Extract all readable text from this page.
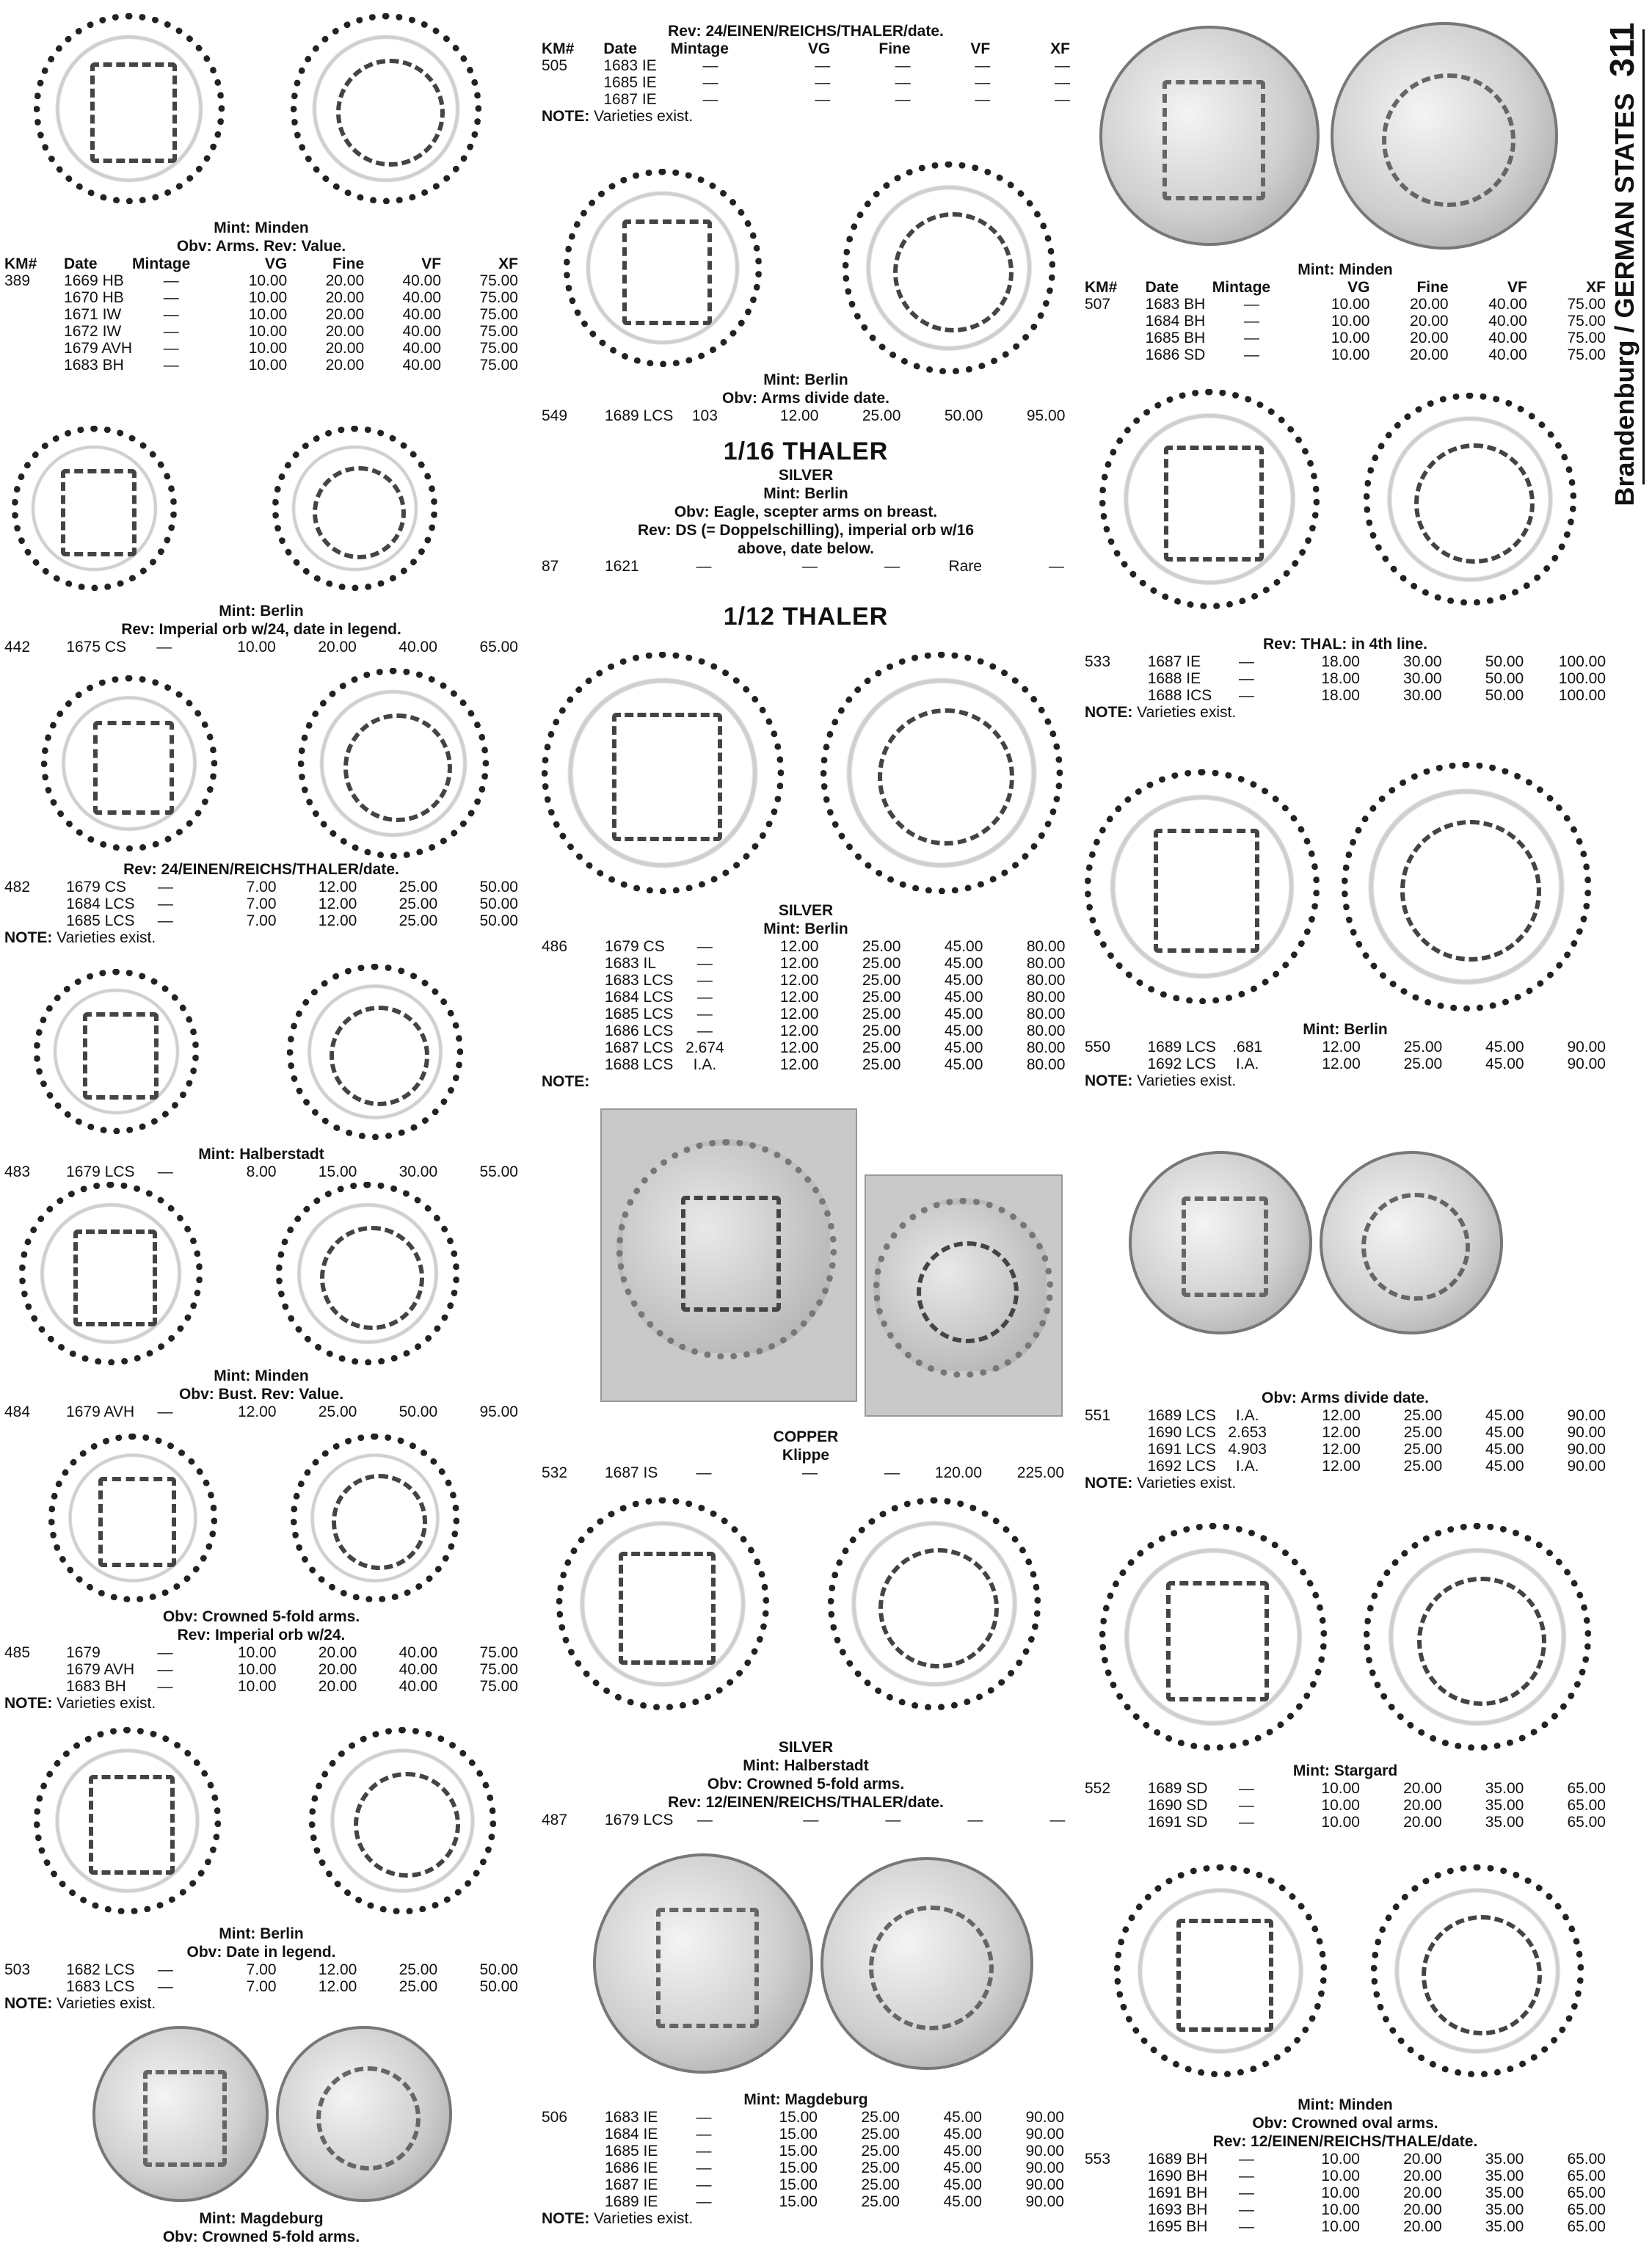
Brandenburg / GERMAN STATES311
Mint: Minden
Obv: Arms. Rev: Value.
KM#	Date	Mintage	VG	Fine	VF	XF
389	1669 HB	—	10.00	20.00	40.00	75.00
	1670 HB	—	10.00	20.00	40.00	75.00
	1671 IW	—	10.00	20.00	40.00	75.00
	1672 IW	—	10.00	20.00	40.00	75.00
	1679 AVH	—	10.00	20.00	40.00	75.00
	1683 BH	—	10.00	20.00	40.00	75.00
Mint: Berlin
Rev: Imperial orb w/24, date in legend.
442	1675 CS	—	10.00	20.00	40.00	65.00
Rev: 24/EINEN/REICHS/THALER/date.
482	1679 CS	—	7.00	12.00	25.00	50.00
	1684 LCS	—	7.00	12.00	25.00	50.00
	1685 LCS	—	7.00	12.00	25.00	50.00
NOTE: Varieties exist.
Mint: Halberstadt
483	1679 LCS	—	8.00	15.00	30.00	55.00
Mint: Minden
Obv: Bust. Rev: Value.
484	1679 AVH	—	12.00	25.00	50.00	95.00
Obv: Crowned 5-fold arms.
Rev: Imperial orb w/24.
485	1679	—	10.00	20.00	40.00	75.00
	1679 AVH	—	10.00	20.00	40.00	75.00
	1683 BH	—	10.00	20.00	40.00	75.00
NOTE: Varieties exist.
Mint: Berlin
Obv: Date in legend.
503	1682 LCS	—	7.00	12.00	25.00	50.00
	1683 LCS	—	7.00	12.00	25.00	50.00
NOTE: Varieties exist.
Mint: Magdeburg
Obv: Crowned 5-fold arms.
Rev: 24/EINEN/REICHS/THALER/date.
KM#	Date	Mintage	VG	Fine	VF	XF
505	1683 IE	—	—	—	—	—
	1685 IE	—	—	—	—	—
	1687 IE	—	—	—	—	—
NOTE: Varieties exist.
Mint: Berlin
Obv: Arms divide date.
549	1689 LCS	103	12.00	25.00	50.00	95.00
1/16 THALER
SILVER
Mint: Berlin
Obv: Eagle, scepter arms on breast.
Rev: DS (= Doppelschilling), imperial orb w/16
above, date below.
87	1621	—	—	—	Rare	—
1/12 THALER
SILVER
Mint: Berlin
486	1679 CS	—	12.00	25.00	45.00	80.00
	1683 IL	—	12.00	25.00	45.00	80.00
	1683 LCS	—	12.00	25.00	45.00	80.00
	1684 LCS	—	12.00	25.00	45.00	80.00
	1685 LCS	—	12.00	25.00	45.00	80.00
	1686 LCS	—	12.00	25.00	45.00	80.00
	1687 LCS	2.674	12.00	25.00	45.00	80.00
	1688 LCS	I.A.	12.00	25.00	45.00	80.00
NOTE:
COPPER
Klippe
532	1687 IS	—	—	—	120.00	225.00
SILVER
Mint: Halberstadt
Obv: Crowned 5-fold arms.
Rev: 12/EINEN/REICHS/THALER/date.
487	1679 LCS	—	—	—	—	—
Mint: Magdeburg
506	1683 IE	—	15.00	25.00	45.00	90.00
	1684 IE	—	15.00	25.00	45.00	90.00
	1685 IE	—	15.00	25.00	45.00	90.00
	1686 IE	—	15.00	25.00	45.00	90.00
	1687 IE	—	15.00	25.00	45.00	90.00
	1689 IE	—	15.00	25.00	45.00	90.00
NOTE: Varieties exist.
Mint: Minden
KM#	Date	Mintage	VG	Fine	VF	XF
507	1683 BH	—	10.00	20.00	40.00	75.00
	1684 BH	—	10.00	20.00	40.00	75.00
	1685 BH	—	10.00	20.00	40.00	75.00
	1686 SD	—	10.00	20.00	40.00	75.00
Rev: THAL: in 4th line.
533	1687 IE	—	18.00	30.00	50.00	100.00
	1688 IE	—	18.00	30.00	50.00	100.00
	1688 ICS	—	18.00	30.00	50.00	100.00
NOTE: Varieties exist.
Mint: Berlin
550	1689 LCS	.681	12.00	25.00	45.00	90.00
	1692 LCS	I.A.	12.00	25.00	45.00	90.00
NOTE: Varieties exist.
Obv: Arms divide date.
551	1689 LCS	I.A.	12.00	25.00	45.00	90.00
	1690 LCS	2.653	12.00	25.00	45.00	90.00
	1691 LCS	4.903	12.00	25.00	45.00	90.00
	1692 LCS	I.A.	12.00	25.00	45.00	90.00
NOTE: Varieties exist.
Mint: Stargard
552	1689 SD	—	10.00	20.00	35.00	65.00
	1690 SD	—	10.00	20.00	35.00	65.00
	1691 SD	—	10.00	20.00	35.00	65.00
Mint: Minden
Obv: Crowned oval arms.
Rev: 12/EINEN/REICHS/THALE/date.
553	1689 BH	—	10.00	20.00	35.00	65.00
	1690 BH	—	10.00	20.00	35.00	65.00
	1691 BH	—	10.00	20.00	35.00	65.00
	1693 BH	—	10.00	20.00	35.00	65.00
	1695 BH	—	10.00	20.00	35.00	65.00
